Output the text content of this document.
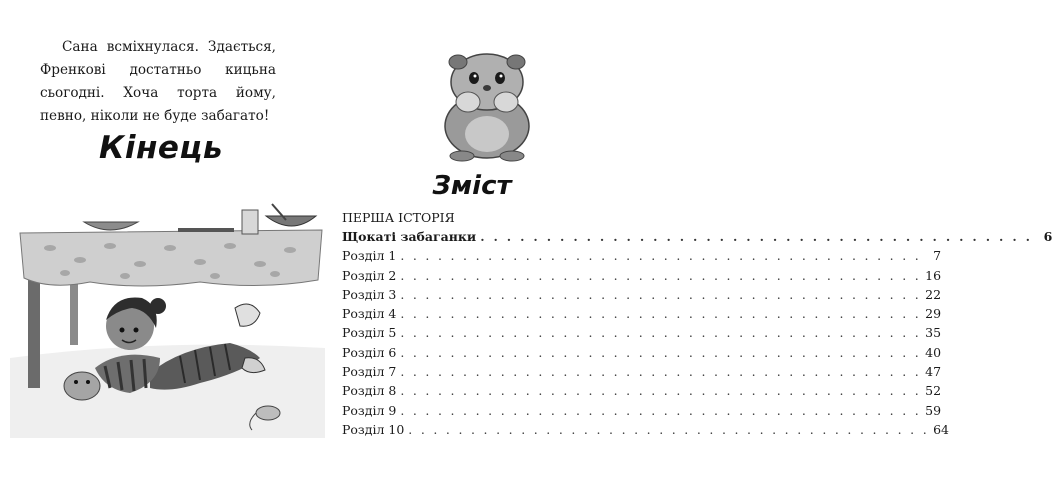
Сана всміхнулася. Здається, Френкові достатньо кицьна сьогодні. Хоча торта йому, певно, ніколи не буде забагато!

Кінець
Зміст
ПЕРША ІСТОРІЯ
Щокаті забаганки . . . . . . . . . . . . . . . . . . . . . . . . . . . . . . . . . . . . . . . . . . 6
Розділ 1 . . . . . . . . . . . . . . . . . . . . . . . . . . . . . . . . . . . . . . . . . . 7
Розділ 2 . . . . . . . . . . . . . . . . . . . . . . . . . . . . . . . . . . . . . . . . . . 16
Розділ 3 . . . . . . . . . . . . . . . . . . . . . . . . . . . . . . . . . . . . . . . . . . 22
Розділ 4 . . . . . . . . . . . . . . . . . . . . . . . . . . . . . . . . . . . . . . . . . . 29
Розділ 5 . . . . . . . . . . . . . . . . . . . . . . . . . . . . . . . . . . . . . . . . . . 35
Розділ 6 . . . . . . . . . . . . . . . . . . . . . . . . . . . . . . . . . . . . . . . . . . 40
Розділ 7 . . . . . . . . . . . . . . . . . . . . . . . . . . . . . . . . . . . . . . . . . . 47
Розділ 8 . . . . . . . . . . . . . . . . . . . . . . . . . . . . . . . . . . . . . . . . . . 52
Розділ 9 . . . . . . . . . . . . . . . . . . . . . . . . . . . . . . . . . . . . . . . . . . 59
Розділ 10 . . . . . . . . . . . . . . . . . . . . . . . . . . . . . . . . . . . . . . . . . . 64
